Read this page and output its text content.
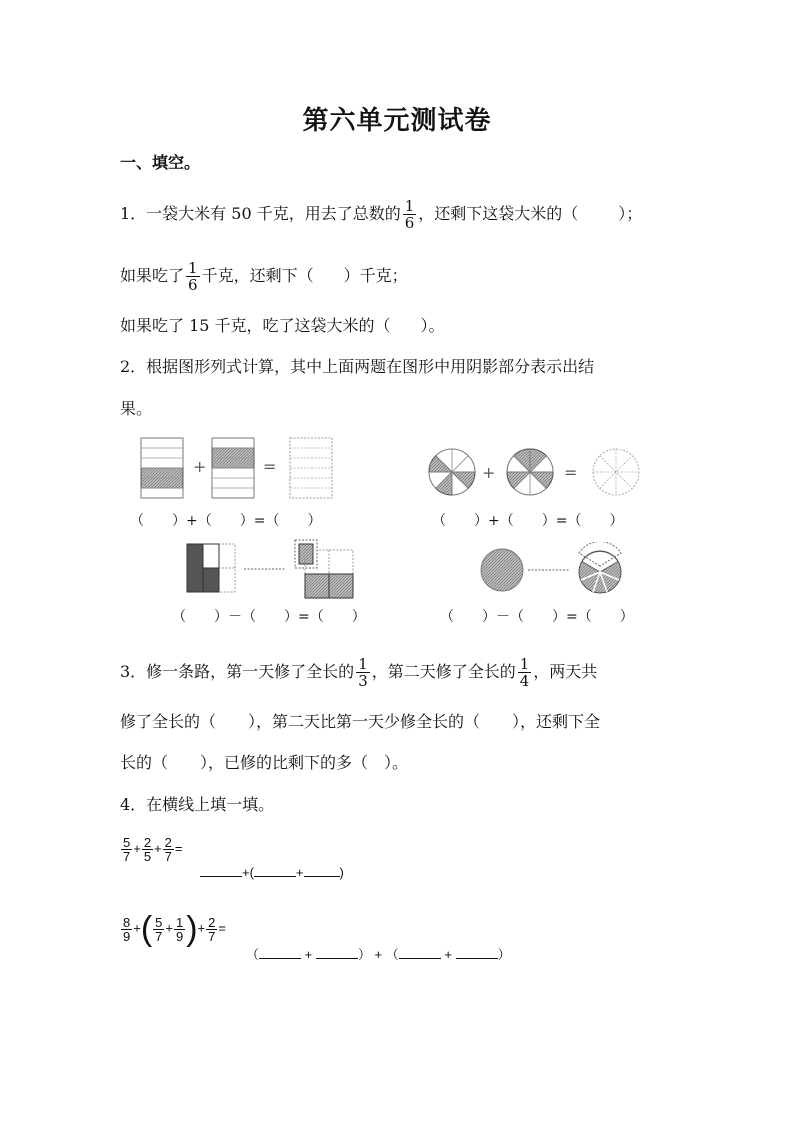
第六单元测试卷
一、填空。
1．一袋大米有 50 千克，用去了总数的 $\frac{1}{6}$ ，还剩下这袋大米的（	）；
如果吃了 $\frac{1}{6}$ 千克，还剩下（ ）千克；
如果吃了 15 千克，吃了这袋大米的（ ）。
2．根据图形列式计算，其中上面两题在图形中用阴影部分表示出结
果。
+	=
（　　）+（　　）=（　　）
+	=
（　　）+（　　）=（　　）
（　　）－（　　）=（　　）	（　　）－（　　）=（　　）
3．修一条路，第一天修了全长的 $\frac{1}{3}$ ，第二天修了全长的 $\frac{1}{4}$ ，两天共
修了全长的（　　），第二天比第一天少修全长的（　　），还剩下全
长的（　　），已修的比剩下的多（　）。
4．在横线上填一填。
$\frac{5}{7} + \frac{2}{5} + \frac{2}{7}$ =
+(	+	)
$\frac{8}{9}$ +( $\frac{5}{7} + \frac{1}{9}$ )+ $\frac{2}{7}$ =
（	+	） + （	+	）
